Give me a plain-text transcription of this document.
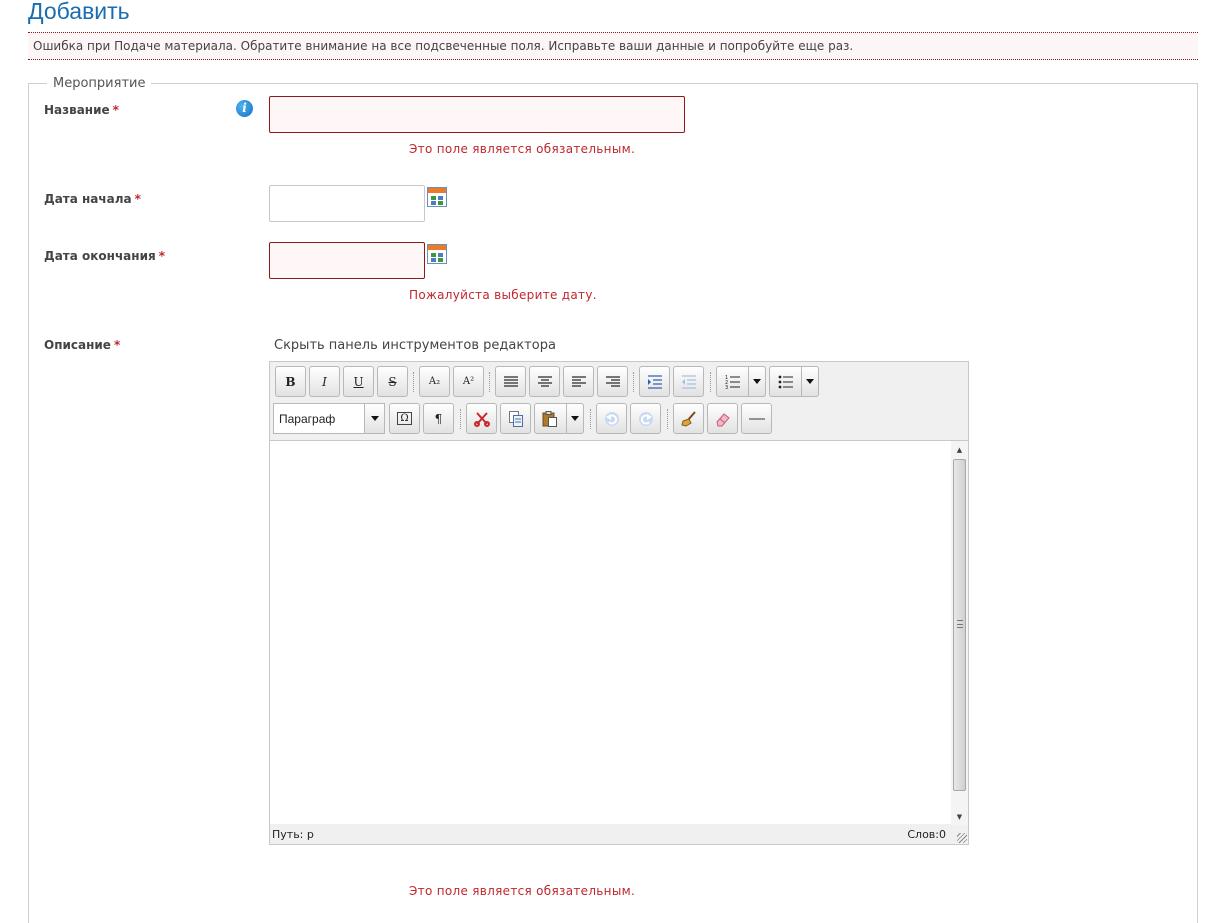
Добавить
Ошибка при Подаче материала. Обратите внимание на все подсвеченные поля. Исправьте ваши данные и попробуйте еще раз.
Мероприятие
Название *	i
Это поле является обязательным.
Дата начала *
Дата окончания *
Пожалуйста выберите дату.
Описание *	Скрыть панель инструментов редактора
B	I	U	S	A₂	A²	1
2
3
Параграф	Ω	¶
▲
▼
Путь: p	Слов:0
Это поле является обязательным.
